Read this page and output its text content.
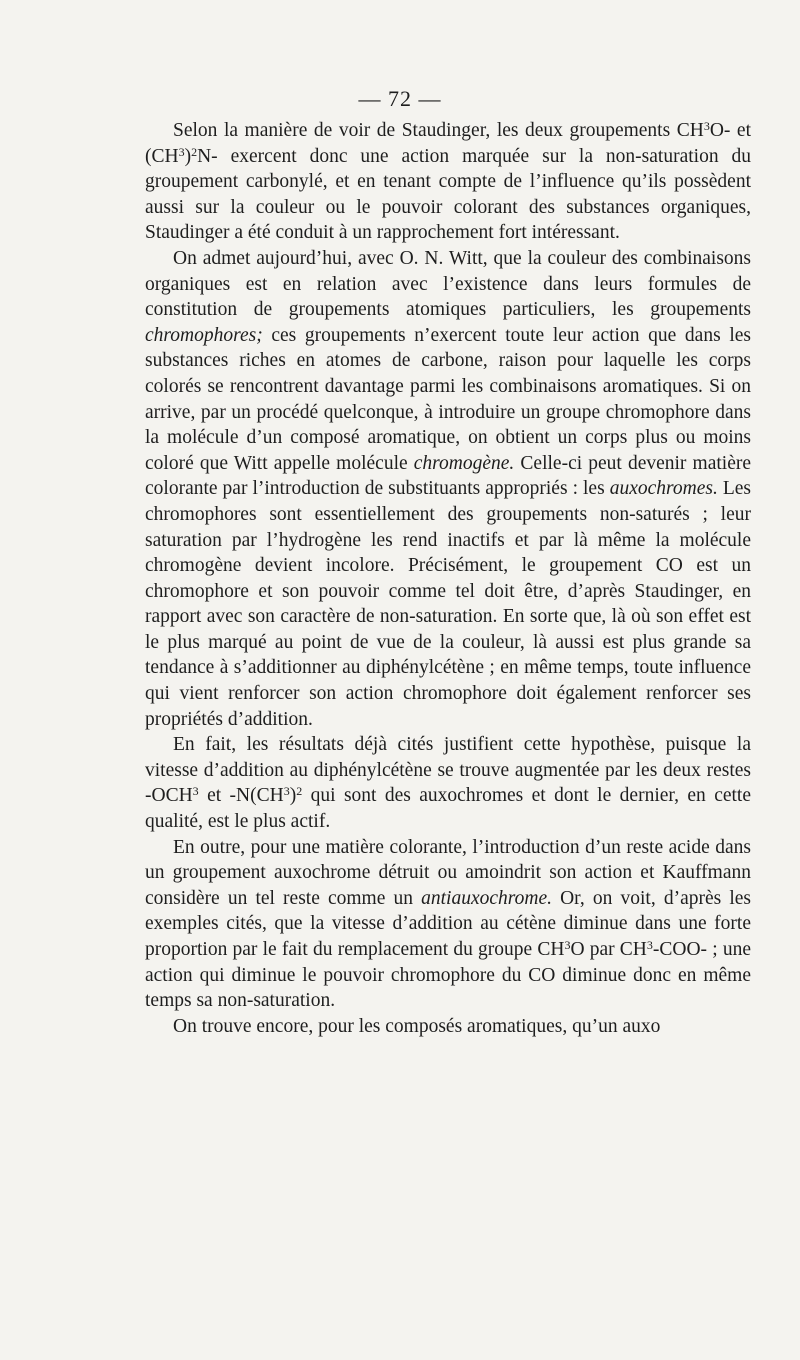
— 72 —

Selon la manière de voir de Staudinger, les deux groupements $CH^3O-$ et $(CH^3)^2N-$ exercent donc une action marquée sur la non-saturation du groupement carbonylé, et en tenant compte de l’influence qu’ils possèdent aussi sur la couleur ou le pouvoir colorant des substances organiques, Staudinger a été conduit à un rapprochement fort intéressant.

On admet aujourd’hui, avec O. N. Witt, que la couleur des combinaisons organiques est en relation avec l’existence dans leurs formules de constitution de groupements atomiques particuliers, les groupements chromophores; ces groupements n’exercent toute leur action que dans les substances riches en atomes de carbone, raison pour laquelle les corps colorés se rencontrent davantage parmi les combinaisons aromatiques. Si on arrive, par un procédé quelconque, à introduire un groupe chromophore dans la molécule d’un composé aromatique, on obtient un corps plus ou moins coloré que Witt appelle molécule chromogène. Celle-ci peut devenir matière colorante par l’introduction de substituants appropriés : les auxochromes. Les chromophores sont essentiellement des groupements non-saturés ; leur saturation par l’hydrogène les rend inactifs et par là même la molécule chromogène devient incolore. Précisément, le groupement CO est un chromophore et son pouvoir comme tel doit être, d’après Staudinger, en rapport avec son caractère de non-saturation. En sorte que, là où son effet est le plus marqué au point de vue de la couleur, là aussi est plus grande sa tendance à s’additionner au diphénylcétène ; en même temps, toute influence qui vient renforcer son action chromophore doit également renforcer ses propriétés d’addition.

En fait, les résultats déjà cités justifient cette hypothèse, puisque la vitesse d’addition au diphénylcétène se trouve augmentée par les deux restes -OCH$^3$ et $-N(CH^3)^2$ qui sont des auxochromes et dont le dernier, en cette qualité, est le plus actif.

En outre, pour une matière colorante, l’introduction d’un reste acide dans un groupement auxochrome détruit ou amoindrit son action et Kauffmann considère un tel reste comme un antiauxochrome. Or, on voit, d’après les exemples cités, que la vitesse d’addition au cétène diminue dans une forte proportion par le fait du remplacement du groupe $CH^3O$ par $CH^3-COO-$ ; une action qui diminue le pouvoir chromophore du CO diminue donc en même temps sa non-saturation.

On trouve encore, pour les composés aromatiques, qu’un auxo
